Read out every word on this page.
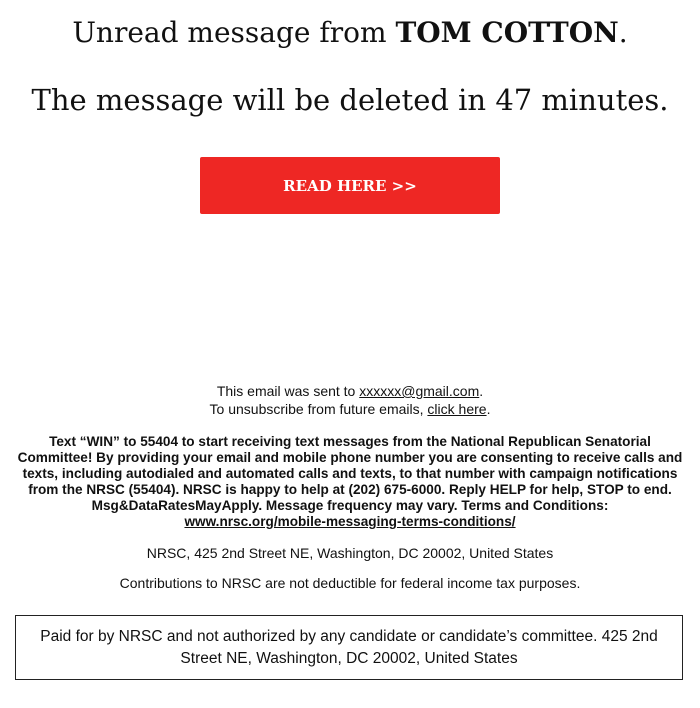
Unread message from TOM COTTON.
The message will be deleted in 47 minutes.
READ HERE >>
This email was sent to xxxxxx@gmail.com.
To unsubscribe from future emails, click here.
Text “WIN” to 55404 to start receiving text messages from the National Republican Senatorial Committee! By providing your email and mobile phone number you are consenting to receive calls and texts, including autodialed and automated calls and texts, to that number with campaign notifications from the NRSC (55404). NRSC is happy to help at (202) 675-6000. Reply HELP for help, STOP to end. Msg&DataRatesMayApply. Message frequency may vary. Terms and Conditions:
www.nrsc.org/mobile-messaging-terms-conditions/
NRSC, 425 2nd Street NE, Washington, DC 20002, United States
Contributions to NRSC are not deductible for federal income tax purposes.
Paid for by NRSC and not authorized by any candidate or candidate’s committee. 425 2nd Street NE, Washington, DC 20002, United States
